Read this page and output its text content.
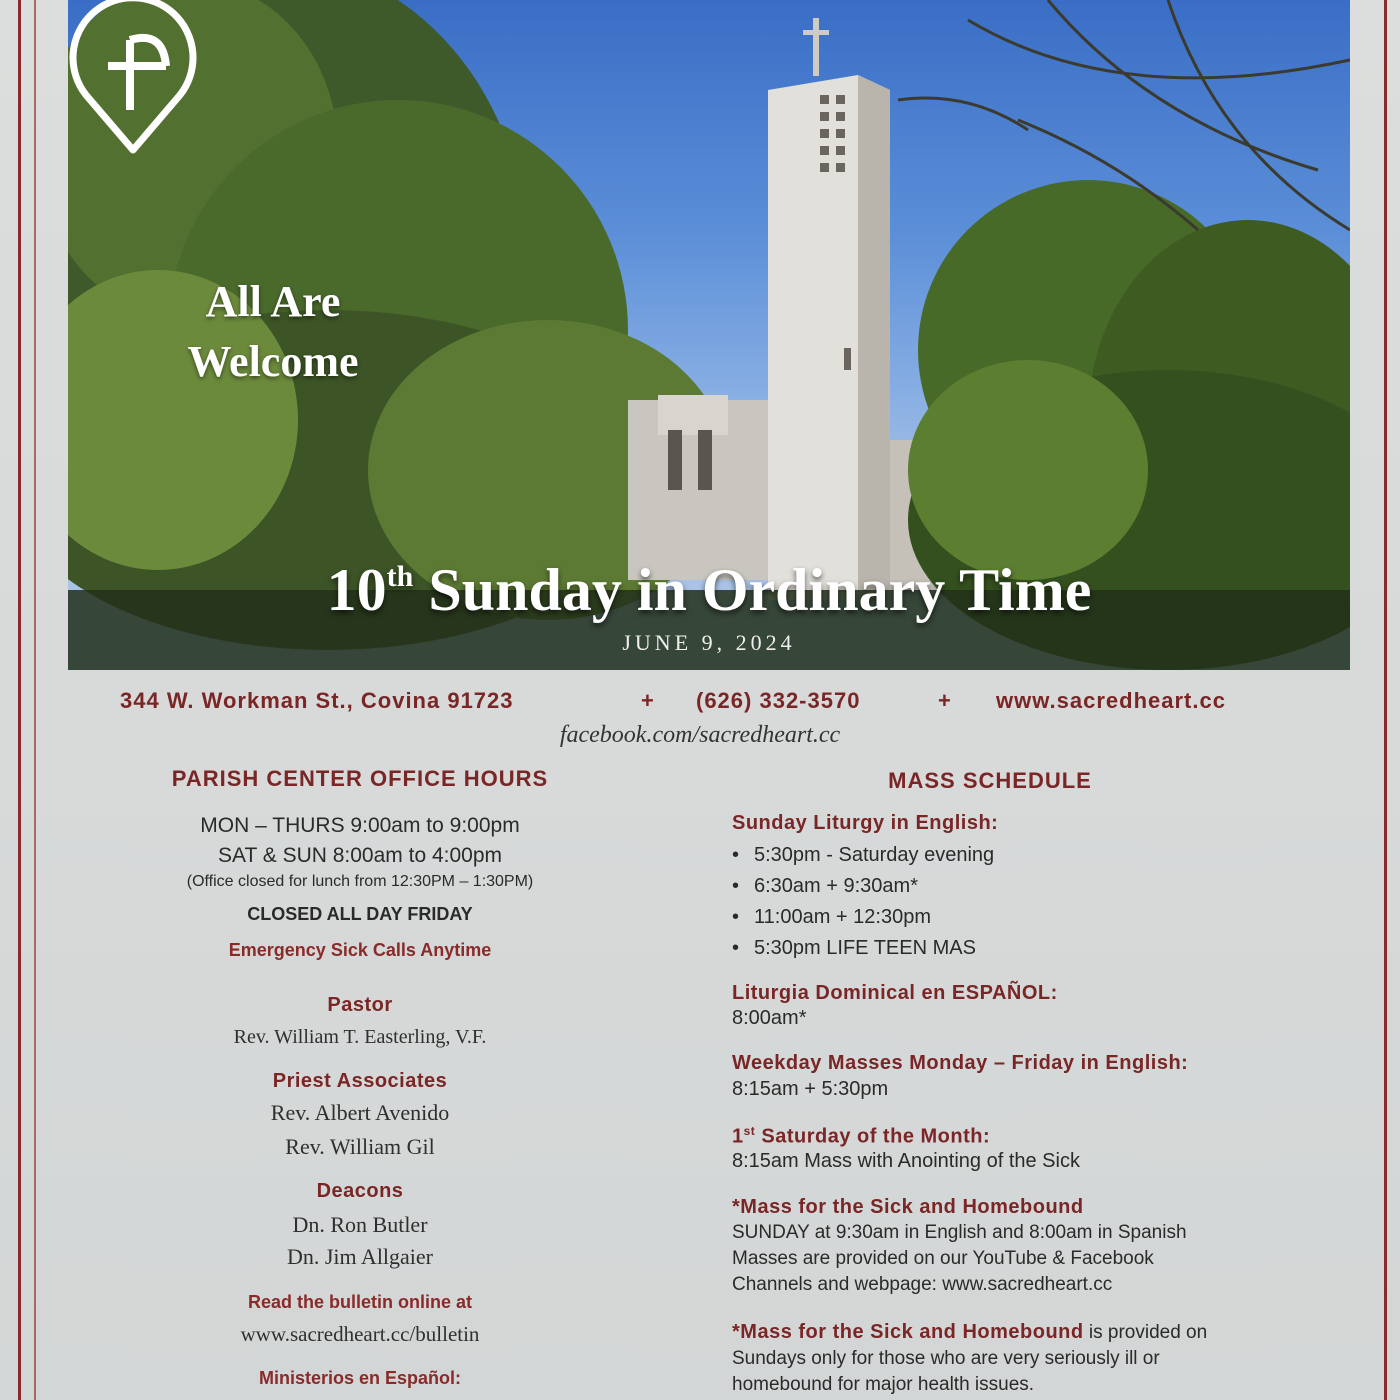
All Are
Welcome
10th Sunday in Ordinary Time
JUNE 9, 2024
344 W. Workman St., Covina 91723	+ (626) 332-3570	+ www.sacredheart.cc
facebook.com/sacredheart.cc
PARISH CENTER OFFICE HOURS
MON – THURS 9:00am to 9:00pm
SAT & SUN 8:00am to 4:00pm
(Office closed for lunch from 12:30PM – 1:30PM)
CLOSED ALL DAY FRIDAY
Emergency Sick Calls Anytime
Pastor
Rev. William T. Easterling, V.F.
Priest Associates
Rev. Albert Avenido
Rev. William Gil
Deacons
Dn. Ron Butler
Dn. Jim Allgaier
Read the bulletin online at
www.sacredheart.cc/bulletin
Ministerios en Español:
MASS SCHEDULE
Sunday Liturgy in English:
• 5:30pm - Saturday evening
• 6:30am + 9:30am*
• 11:00am + 12:30pm
• 5:30pm LIFE TEEN MAS
Liturgia Dominical en ESPAÑOL:
8:00am*
Weekday Masses Monday – Friday in English:
8:15am + 5:30pm
1st Saturday of the Month:
8:15am Mass with Anointing of the Sick
*Mass for the Sick and Homebound
SUNDAY at 9:30am in English and 8:00am in Spanish
Masses are provided on our YouTube & Facebook
Channels and webpage: www.sacredheart.cc
*Mass for the Sick and Homebound is provided on
Sundays only for those who are very seriously ill or
homebound for major health issues.
